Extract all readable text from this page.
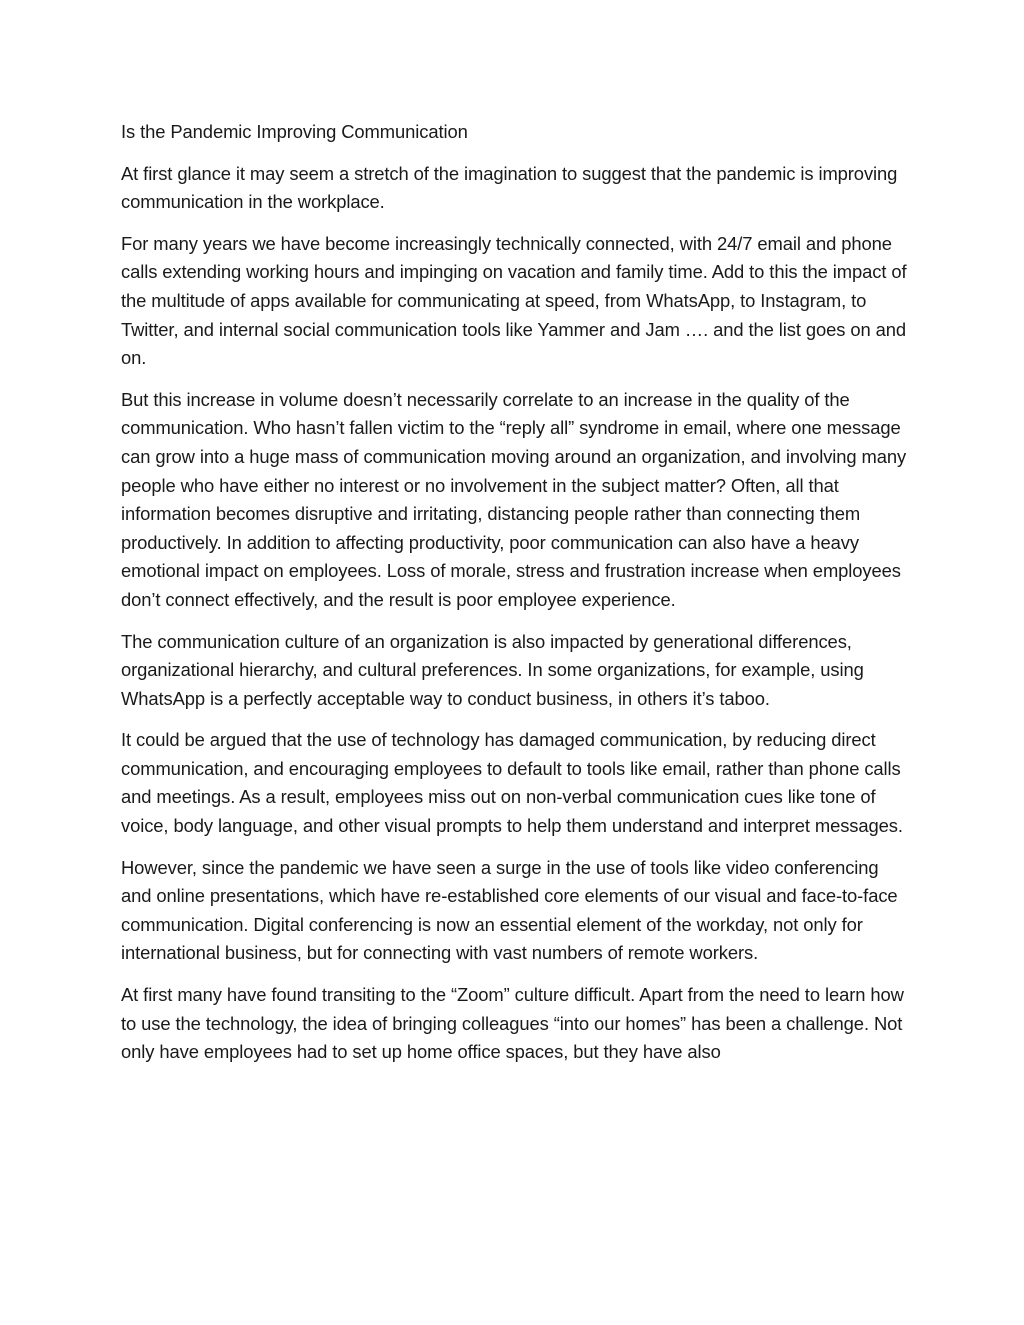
Is the Pandemic Improving Communication

At first glance it may seem a stretch of the imagination to suggest that the pandemic is improving communication in the workplace.

For many years we have become increasingly technically connected, with 24/7 email and phone calls extending working hours and impinging on vacation and family time. Add to this the impact of the multitude of apps available for communicating at speed, from WhatsApp, to Instagram, to Twitter, and internal social communication tools like Yammer and Jam …. and the list goes on and on.

But this increase in volume doesn’t necessarily correlate to an increase in the quality of the communication. Who hasn’t fallen victim to the “reply all” syndrome in email, where one message can grow into a huge mass of communication moving around an organization, and involving many people who have either no interest or no involvement in the subject matter? Often, all that information becomes disruptive and irritating, distancing people rather than connecting them productively. In addition to affecting productivity, poor communication can also have a heavy emotional impact on employees. Loss of morale, stress and frustration increase when employees don’t connect effectively, and the result is poor employee experience.

The communication culture of an organization is also impacted by generational differences, organizational hierarchy, and cultural preferences. In some organizations, for example, using WhatsApp is a perfectly acceptable way to conduct business, in others it’s taboo.

It could be argued that the use of technology has damaged communication, by reducing direct communication, and encouraging employees to default to tools like email, rather than phone calls and meetings. As a result, employees miss out on non-verbal communication cues like tone of voice, body language, and other visual prompts to help them understand and interpret messages.

However, since the pandemic we have seen a surge in the use of tools like video conferencing and online presentations, which have re-established core elements of our visual and face-to-face communication. Digital conferencing is now an essential element of the workday, not only for international business, but for connecting with vast numbers of remote workers.

At first many have found transiting to the “Zoom” culture difficult. Apart from the need to learn how to use the technology, the idea of bringing colleagues “into our homes” has been a challenge. Not only have employees had to set up home office spaces, but they have also
